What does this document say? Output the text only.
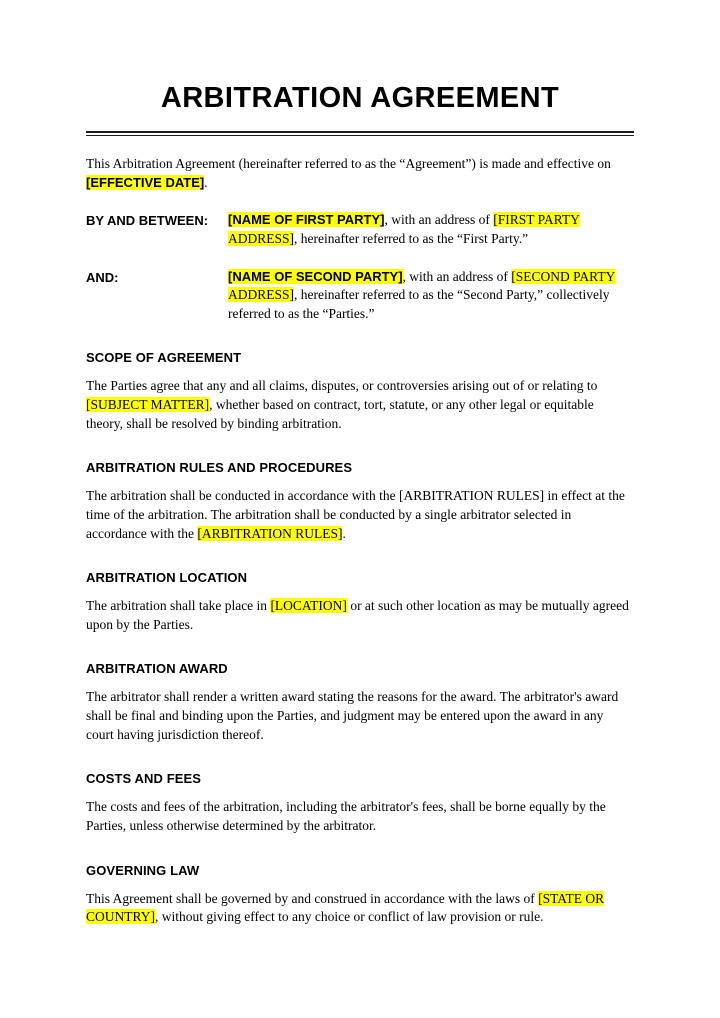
ARBITRATION AGREEMENT

This Arbitration Agreement (hereinafter referred to as the “Agreement”) is made and effective on [EFFECTIVE DATE].

BY AND BETWEEN:	[NAME OF FIRST PARTY], with an address of [FIRST PARTY ADDRESS], hereinafter referred to as the “First Party.”
AND:	[NAME OF SECOND PARTY], with an address of [SECOND PARTY ADDRESS], hereinafter referred to as the “Second Party,” collectively referred to as the “Parties.”
SCOPE OF AGREEMENT

The Parties agree that any and all claims, disputes, or controversies arising out of or relating to [SUBJECT MATTER], whether based on contract, tort, statute, or any other legal or equitable theory, shall be resolved by binding arbitration.

ARBITRATION RULES AND PROCEDURES

The arbitration shall be conducted in accordance with the [ARBITRATION RULES] in effect at the time of the arbitration. The arbitration shall be conducted by a single arbitrator selected in accordance with the [ARBITRATION RULES].

ARBITRATION LOCATION

The arbitration shall take place in [LOCATION] or at such other location as may be mutually agreed upon by the Parties.

ARBITRATION AWARD

The arbitrator shall render a written award stating the reasons for the award. The arbitrator's award shall be final and binding upon the Parties, and judgment may be entered upon the award in any court having jurisdiction thereof.

COSTS AND FEES

The costs and fees of the arbitration, including the arbitrator's fees, shall be borne equally by the Parties, unless otherwise determined by the arbitrator.

GOVERNING LAW

This Agreement shall be governed by and construed in accordance with the laws of [STATE OR COUNTRY], without giving effect to any choice or conflict of law provision or rule.
